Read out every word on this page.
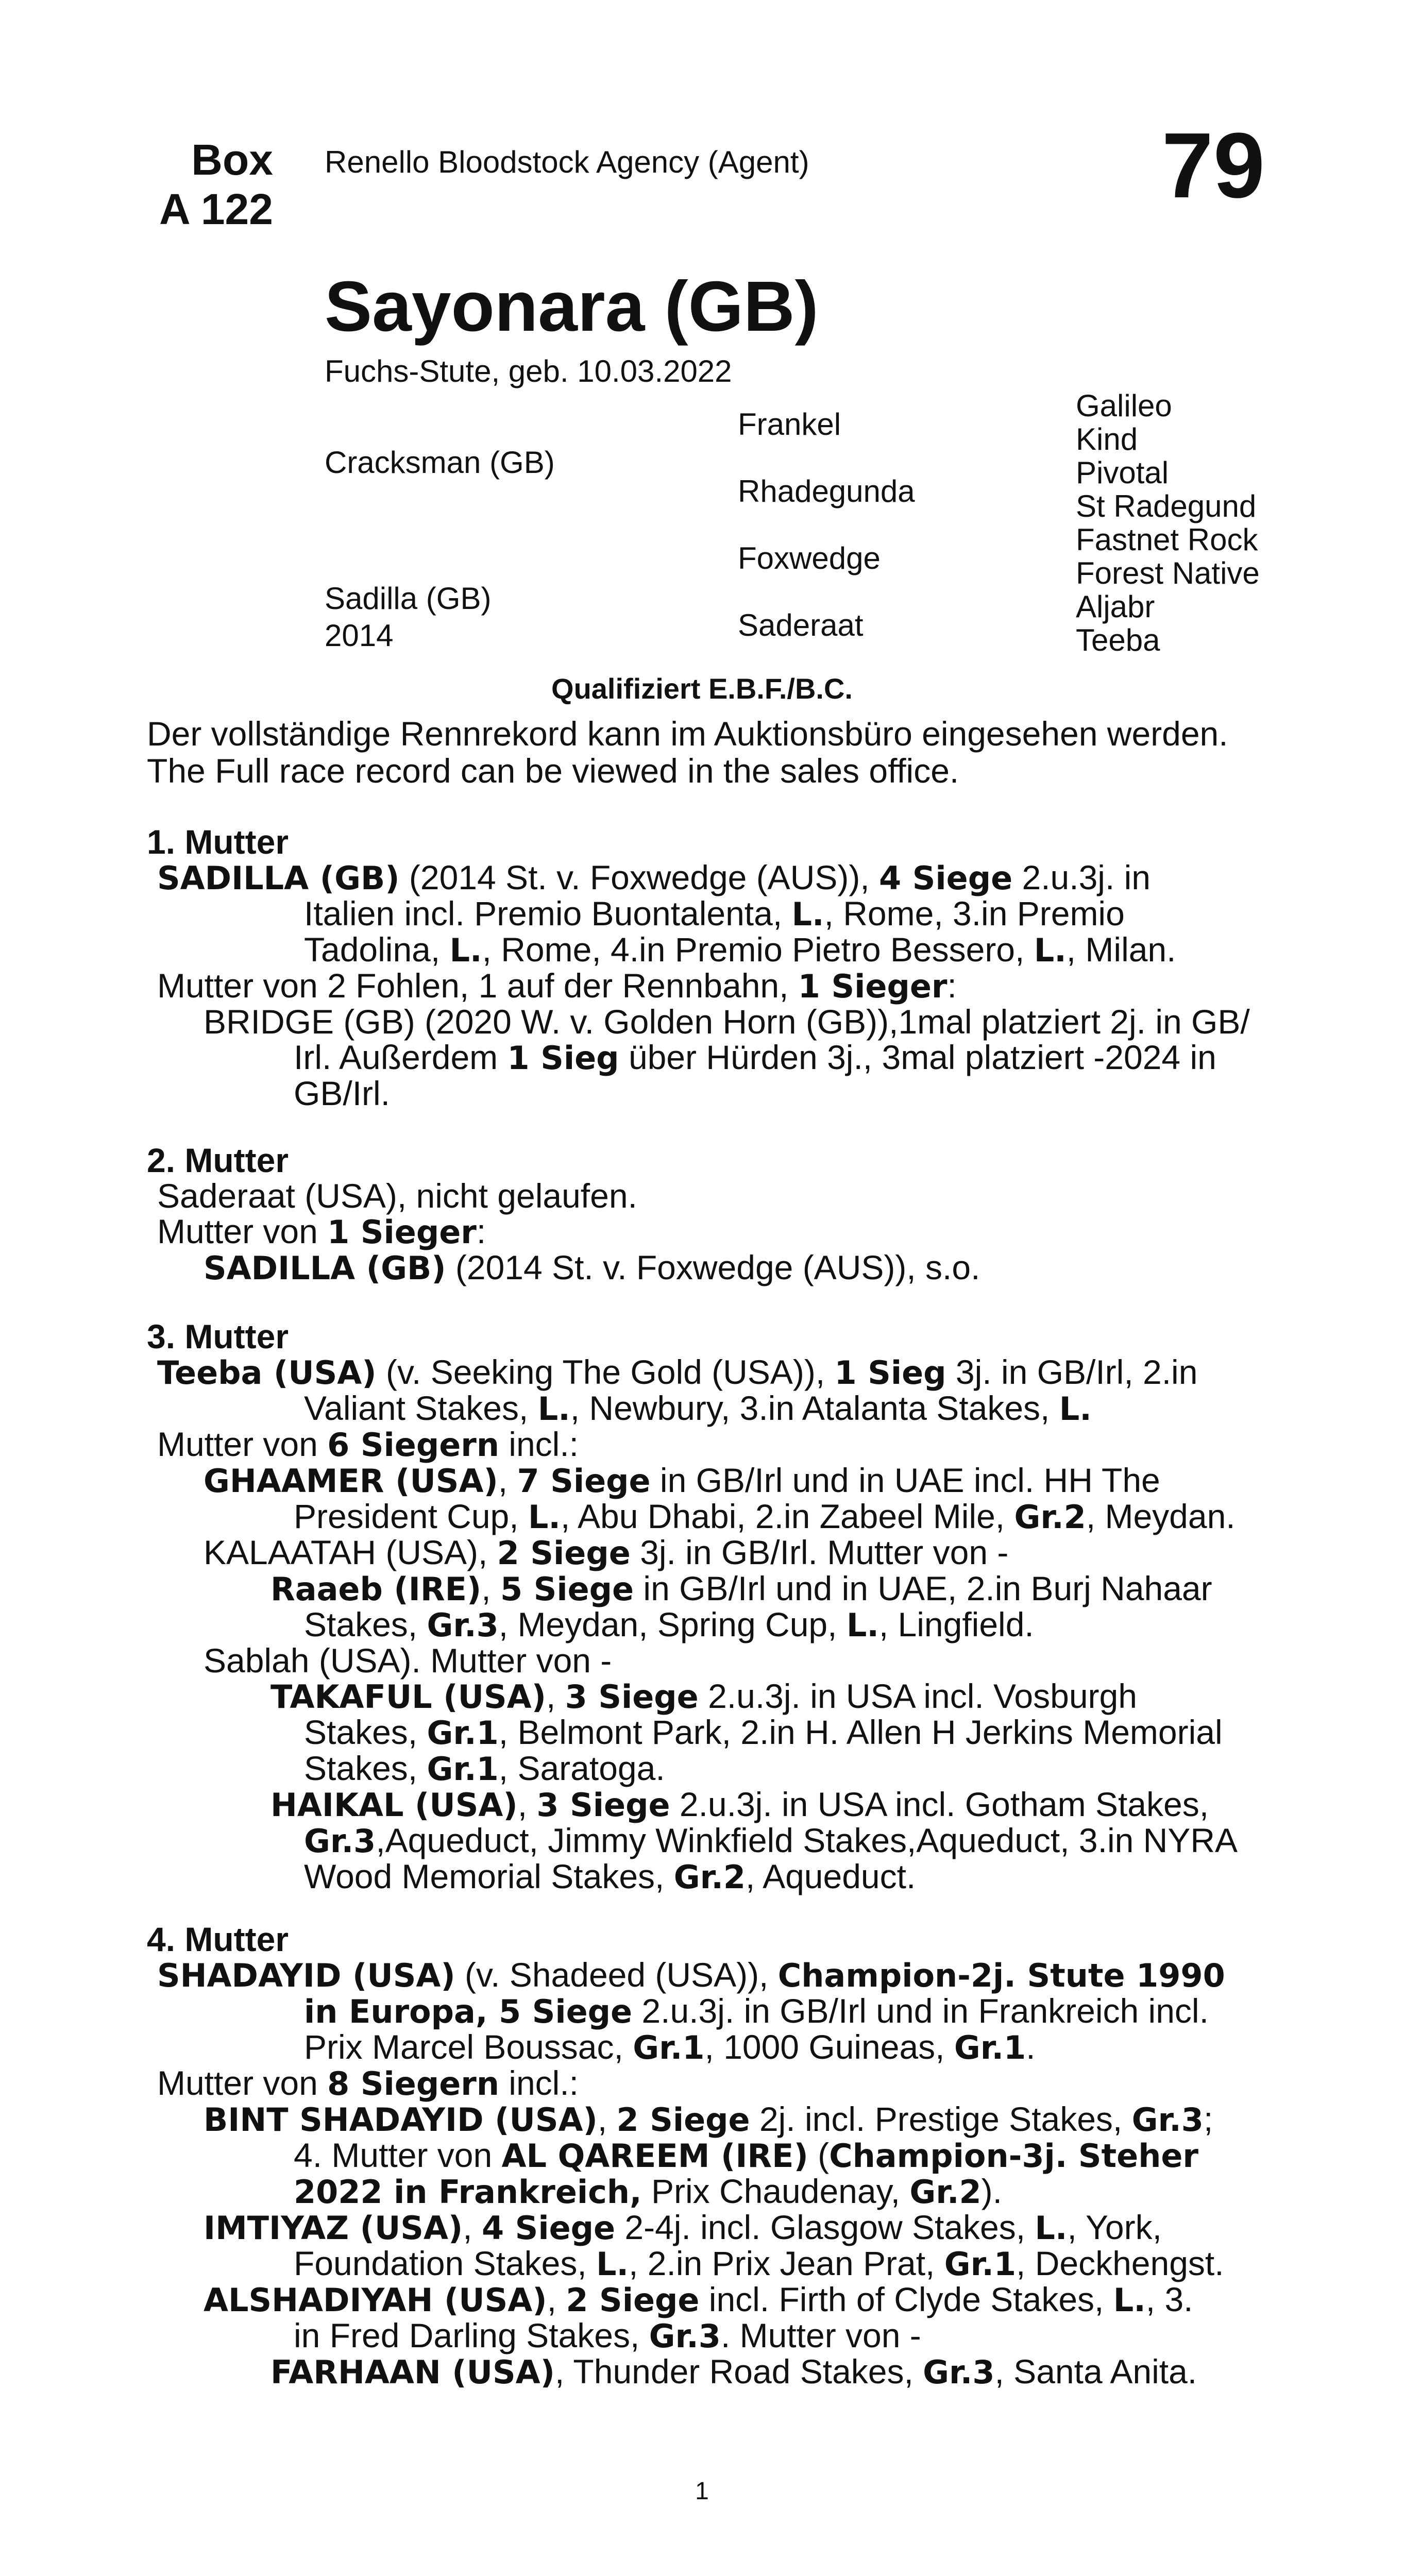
Box
A 122
Renello Bloodstock Agency (Agent)	79
Sayonara (GB)
Fuchs-Stute, geb. 10.03.2022
Cracksman (GB)
Sadilla (GB)
2014
Frankel
Rhadegunda
Foxwedge
Saderaat
Galileo
Kind
Pivotal
St Radegund
Fastnet Rock
Forest Native
Aljabr
Teeba
Qualifiziert E.B.F./B.C.
Der vollständige Rennrekord kann im Auktionsbüro eingesehen werden.
The Full race record can be viewed in the sales office.
1. Mutter
SADILLA (GB) (2014 St. v. Foxwedge (AUS)), 4 Siege 2.u.3j. in
Italien incl. Premio Buontalenta, L., Rome, 3.in Premio
Tadolina, L., Rome, 4.in Premio Pietro Bessero, L., Milan.
Mutter von 2 Fohlen, 1 auf der Rennbahn, 1 Sieger:
BRIDGE (GB) (2020 W. v. Golden Horn (GB)),1mal platziert 2j. in GB/
Irl. Außerdem 1 Sieg über Hürden 3j., 3mal platziert -2024 in
GB/Irl.
2. Mutter
Saderaat (USA), nicht gelaufen.
Mutter von 1 Sieger:
SADILLA (GB) (2014 St. v. Foxwedge (AUS)), s.o.
3. Mutter
Teeba (USA) (v. Seeking The Gold (USA)), 1 Sieg 3j. in GB/Irl, 2.in
Valiant Stakes, L., Newbury, 3.in Atalanta Stakes, L.
Mutter von 6 Siegern incl.:
GHAAMER (USA), 7 Siege in GB/Irl und in UAE incl. HH The
President Cup, L., Abu Dhabi, 2.in Zabeel Mile, Gr.2, Meydan.
KALAATAH (USA), 2 Siege 3j. in GB/Irl. Mutter von -
Raaeb (IRE), 5 Siege in GB/Irl und in UAE, 2.in Burj Nahaar
Stakes, Gr.3, Meydan, Spring Cup, L., Lingfield.
Sablah (USA). Mutter von -
TAKAFUL (USA), 3 Siege 2.u.3j. in USA incl. Vosburgh
Stakes, Gr.1, Belmont Park, 2.in H. Allen H Jerkins Memorial
Stakes, Gr.1, Saratoga.
HAIKAL (USA), 3 Siege 2.u.3j. in USA incl. Gotham Stakes,
Gr.3,Aqueduct, Jimmy Winkfield Stakes,Aqueduct, 3.in NYRA
Wood Memorial Stakes, Gr.2, Aqueduct.
4. Mutter
SHADAYID (USA) (v. Shadeed (USA)), Champion-2j. Stute 1990
in Europa, 5 Siege 2.u.3j. in GB/Irl und in Frankreich incl.
Prix Marcel Boussac, Gr.1, 1000 Guineas, Gr.1.
Mutter von 8 Siegern incl.:
BINT SHADAYID (USA), 2 Siege 2j. incl. Prestige Stakes, Gr.3;
4. Mutter von AL QAREEM (IRE) (Champion-3j. Steher
2022 in Frankreich, Prix Chaudenay, Gr.2).
IMTIYAZ (USA), 4 Siege 2-4j. incl. Glasgow Stakes, L., York,
Foundation Stakes, L., 2.in Prix Jean Prat, Gr.1, Deckhengst.
ALSHADIYAH (USA), 2 Siege incl. Firth of Clyde Stakes, L., 3.
in Fred Darling Stakes, Gr.3. Mutter von -
FARHAAN (USA), Thunder Road Stakes, Gr.3, Santa Anita.
1
